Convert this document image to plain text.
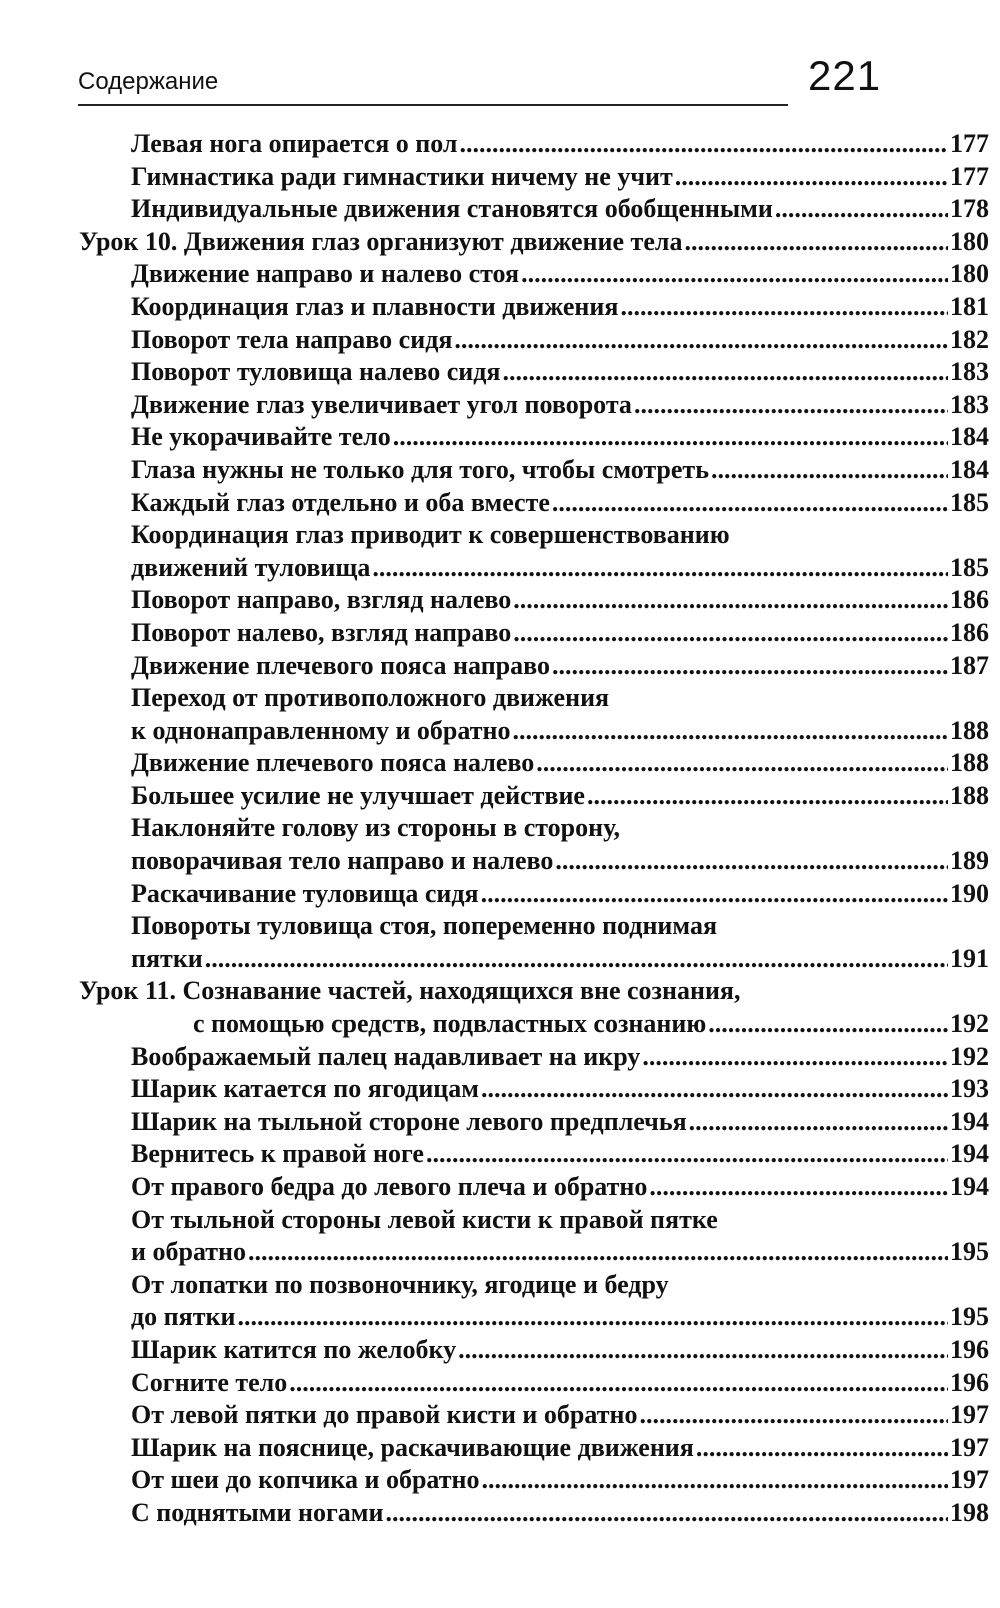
Содержание	221
Левая нога опирается о пол .....	177
Гимнастика ради гимнастики ничему не учит .....	177
Индивидуальные движения становятся обобщенными .....	178
Урок 10. Движения глаз организуют движение тела .....	180
Движение направо и налево стоя .....	180
Координация глаз и плавности движения .....	181
Поворот тела направо сидя .....	182
Поворот туловища налево сидя .....	183
Движение глаз увеличивает угол поворота .....	183
Не укорачивайте тело .....	184
Глаза нужны не только для того, чтобы смотреть .....	184
Каждый глаз отдельно и оба вместе .....	185
Координация глаз приводит к совершенствованию
движений туловища .....	185
Поворот направо, взгляд налево .....	186
Поворот налево, взгляд направо .....	186
Движение плечевого пояса направо .....	187
Переход от противоположного движения
к однонаправленному и обратно .....	188
Движение плечевого пояса налево .....	188
Большее усилие не улучшает действие .....	188
Наклоняйте голову из стороны в сторону,
поворачивая тело направо и налево .....	189
Раскачивание туловища сидя .....	190
Повороты туловища стоя, попеременно поднимая
пятки .....	191
Урок 11. Сознавание частей, находящихся вне сознания,
с помощью средств, подвластных сознанию .....	192
Воображаемый палец надавливает на икру .....	192
Шарик катается по ягодицам .....	193
Шарик на тыльной стороне левого предплечья .....	194
Вернитесь к правой ноге .....	194
От правого бедра до левого плеча и обратно .....	194
От тыльной стороны левой кисти к правой пятке
и обратно .....	195
От лопатки по позвоночнику, ягодице и бедру
до пятки .....	195
Шарик катится по желобку .....	196
Согните тело .....	196
От левой пятки до правой кисти и обратно .....	197
Шарик на пояснице, раскачивающие движения .....	197
От шеи до копчика и обратно .....	197
С поднятыми ногами .....	198
